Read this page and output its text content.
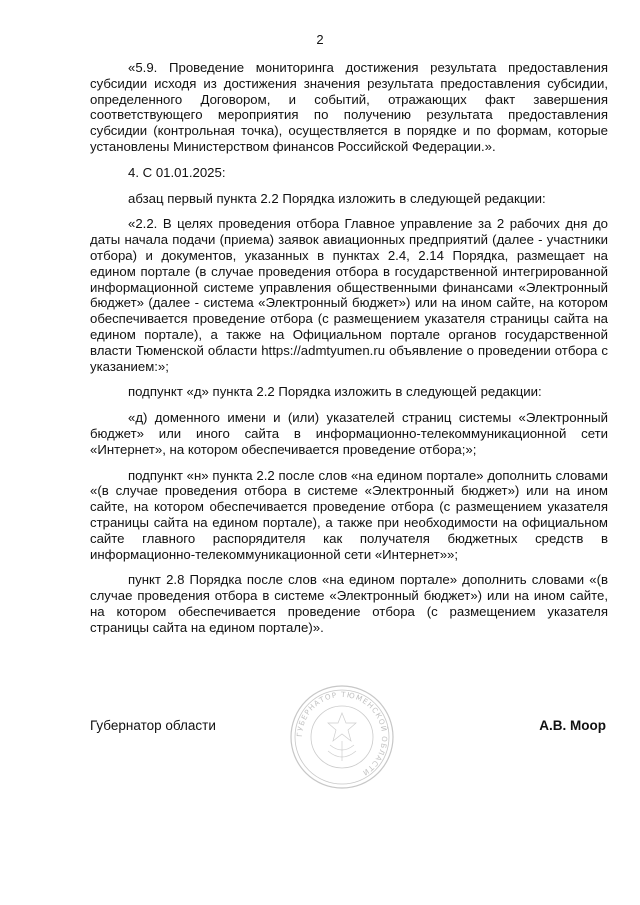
2

«5.9. Проведение мониторинга достижения результата предоставления субсидии исходя из достижения значения результата предоставления субсидии, определенного Договором, и событий, отражающих факт завершения соответствующего мероприятия по получению результата предоставления субсидии (контрольная точка), осуществляется в порядке и по формам, которые установлены Министерством финансов Российской Федерации.».

4. С 01.01.2025:

абзац первый пункта 2.2 Порядка изложить в следующей редакции:

«2.2. В целях проведения отбора Главное управление за 2 рабочих дня до даты начала подачи (приема) заявок авиационных предприятий (далее - участники отбора) и документов, указанных в пунктах 2.4, 2.14 Порядка, размещает на едином портале (в случае проведения отбора в государственной интегрированной информационной системе управления общественными финансами «Электронный бюджет» (далее - система «Электронный бюджет») или на ином сайте, на котором обеспечивается проведение отбора (с размещением указателя страницы сайта на едином портале), а также на Официальном портале органов государственной власти Тюменской области https://admtyumen.ru объявление о проведении отбора с указанием:»;

подпункт «д» пункта 2.2 Порядка изложить в следующей редакции:

«д) доменного имени и (или) указателей страниц системы «Электронный бюджет» или иного сайта в информационно-телекоммуникационной сети «Интернет», на котором обеспечивается проведение отбора;»;

подпункт «н» пункта 2.2 после слов «на едином портале» дополнить словами «(в случае проведения отбора в системе «Электронный бюджет») или на ином сайте, на котором обеспечивается проведение отбора (с размещением указателя страницы сайта на едином портале), а также при необходимости на официальном сайте главного распорядителя как получателя бюджетных средств в информационно-телекоммуникационной сети «Интернет»»;

пункт 2.8 Порядка после слов «на едином портале» дополнить словами «(в случае проведения отбора в системе «Электронный бюджет») или на ином сайте, на котором обеспечивается проведение отбора (с размещением указателя страницы сайта на едином портале)».

Губернатор области
ГУБЕРНАТОР ТЮМЕНСКОЙ ОБЛАСТИ
А.В. Моор
